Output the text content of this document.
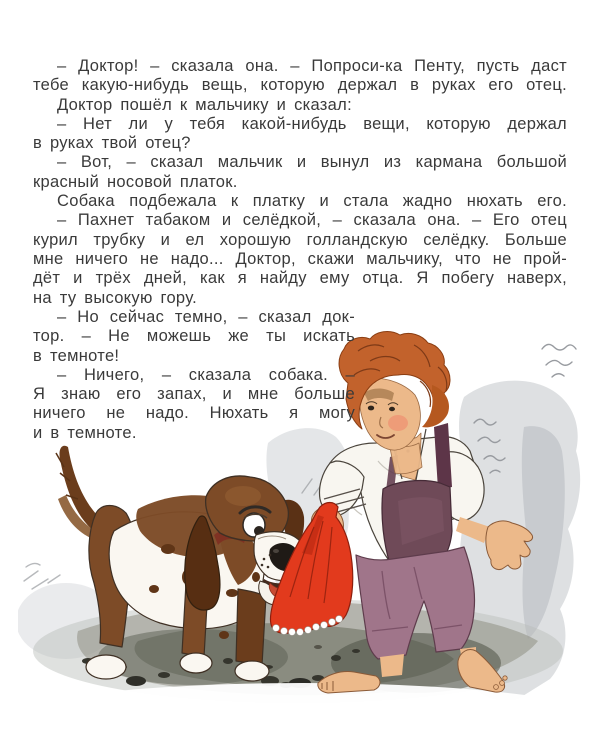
– Доктор! – сказала она. – Попроси-ка Пенту, пусть даст
тебе какую-нибудь вещь, которую держал в руках его отец.
Доктор пошёл к мальчику и сказал:
– Нет ли у тебя какой-нибудь вещи, которую держал
в руках твой отец?
– Вот, – сказал мальчик и вынул из кармана большой
красный носовой платок.
Собака подбежала к платку и стала жадно нюхать его.
– Пахнет табаком и селёдкой, – сказала она. – Его отец
курил трубку и ел хорошую голландскую селёдку. Больше
мне ничего не надо... Доктор, скажи мальчику, что не прой-
дёт и трёх дней, как я найду ему отца. Я побегу наверх,
на ту высокую гору.
– Но сейчас темно, – сказал док-
тор. – Не можешь же ты искать
в темноте!
– Ничего, – сказала собака. –
Я знаю его запах, и мне больше
ничего не надо. Нюхать я могу
и в темноте.
